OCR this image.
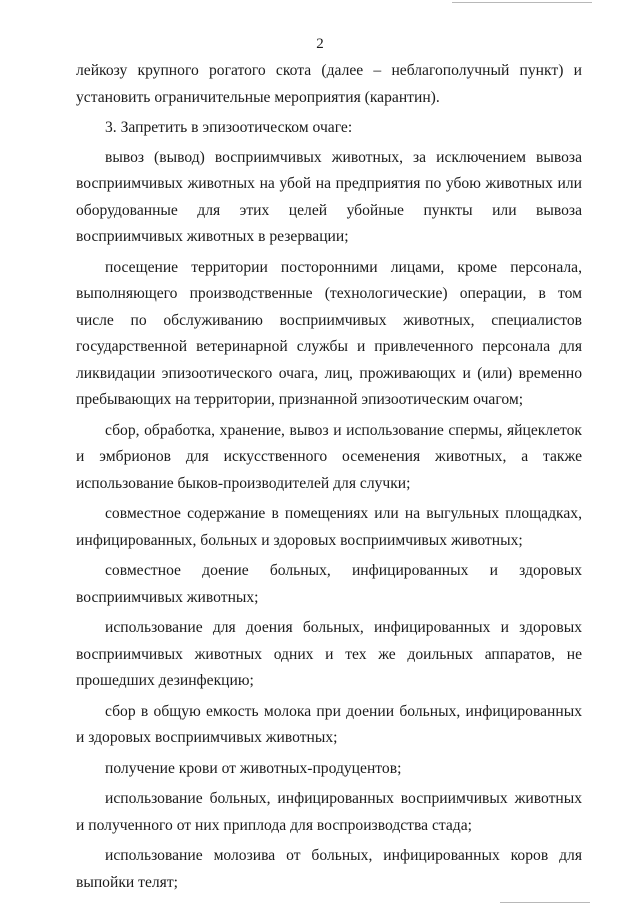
2

лейкозу крупного рогатого скота (далее – неблагополучный пункт) и установить ограничительные мероприятия (карантин).

3. Запретить в эпизоотическом очаге:

вывоз (вывод) восприимчивых животных, за исключением вывоза восприимчивых животных на убой на предприятия по убою животных или оборудованные для этих целей убойные пункты или вывоза восприимчивых животных в резервации;

посещение территории посторонними лицами, кроме персонала, выполняющего производственные (технологические) операции, в том числе по обслуживанию восприимчивых животных, специалистов государственной ветеринарной службы и привлеченного персонала для ликвидации эпизоотического очага, лиц, проживающих и (или) временно пребывающих на территории, признанной эпизоотическим очагом;

сбор, обработка, хранение, вывоз и использование спермы, яйцеклеток и эмбрионов для искусственного осеменения животных, а также использование быков-производителей для случки;

совместное содержание в помещениях или на выгульных площадках, инфицированных, больных и здоровых восприимчивых животных;

совместное доение больных, инфицированных и здоровых восприимчивых животных;

использование для доения больных, инфицированных и здоровых восприимчивых животных одних и тех же доильных аппаратов, не прошедших дезинфекцию;

сбор в общую емкость молока при доении больных, инфицированных и здоровых восприимчивых животных;

получение крови от животных-продуцентов;

использование больных, инфицированных восприимчивых животных и полученного от них приплода для воспроизводства стада;

использование молозива от больных, инфицированных коров для выпойки телят;
